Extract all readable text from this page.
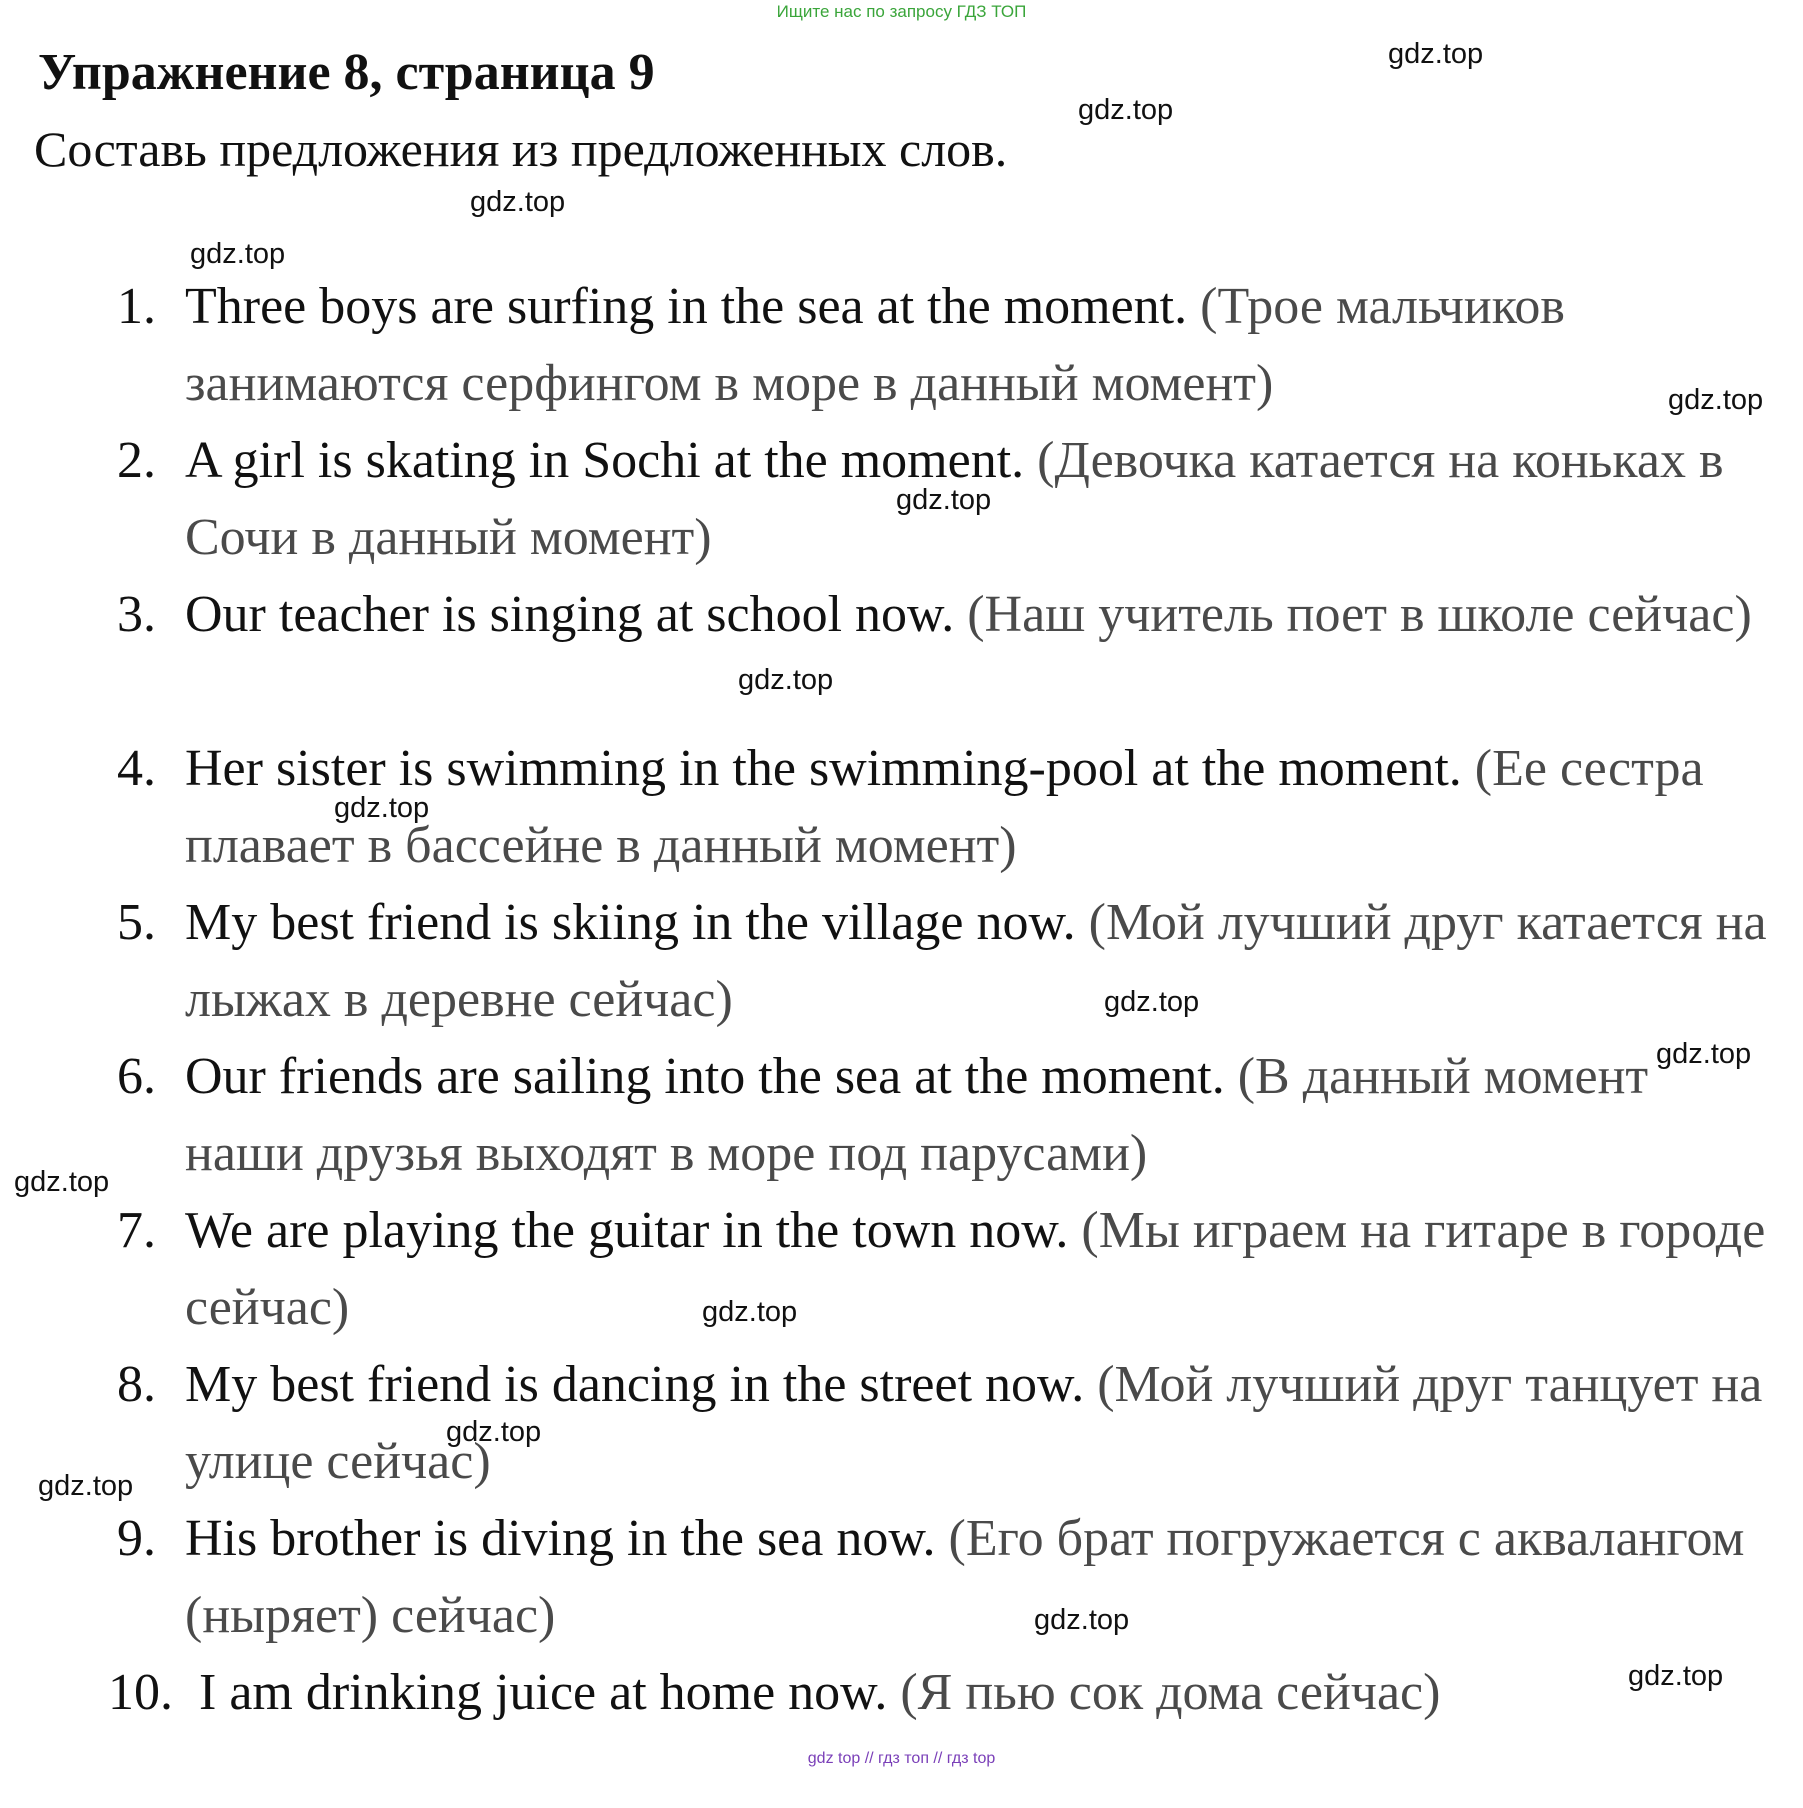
Ищите нас по запросу ГДЗ ТОП
Упражнение 8, страница 9
Составь предложения из предложенных слов.
1. Three boys are surfing in the sea at the moment. (Трое мальчиков занимаются серфингом в море в данный момент)
2. A girl is skating in Sochi at the moment. (Девочка катается на коньках в Сочи в данный момент)
3. Our teacher is singing at school now. (Наш учитель поет в школе сейчас)
4. Her sister is swimming in the swimming-pool at the moment. (Ее сестра плавает в бассейне в данный момент)
5. My best friend is skiing in the village now. (Мой лучший друг катается на лыжах в деревне сейчас)
6. Our friends are sailing into the sea at the moment. (В данный момент наши друзья выходят в море под парусами)
7. We are playing the guitar in the town now. (Мы играем на гитаре в городе сейчас)
8. My best friend is dancing in the street now. (Мой лучший друг танцует на улице сейчас)
9. His brother is diving in the sea now. (Его брат погружается с аквалангом (ныряет) сейчас)
10. I am drinking juice at home now. (Я пью сок дома сейчас)
gdz.top
gdz.top
gdz.top
gdz.top
gdz.top
gdz.top
gdz.top
gdz.top
gdz.top
gdz.top
gdz.top
gdz.top
gdz.top
gdz.top
gdz.top
gdz.top
gdz top // гдз топ // гдз top
